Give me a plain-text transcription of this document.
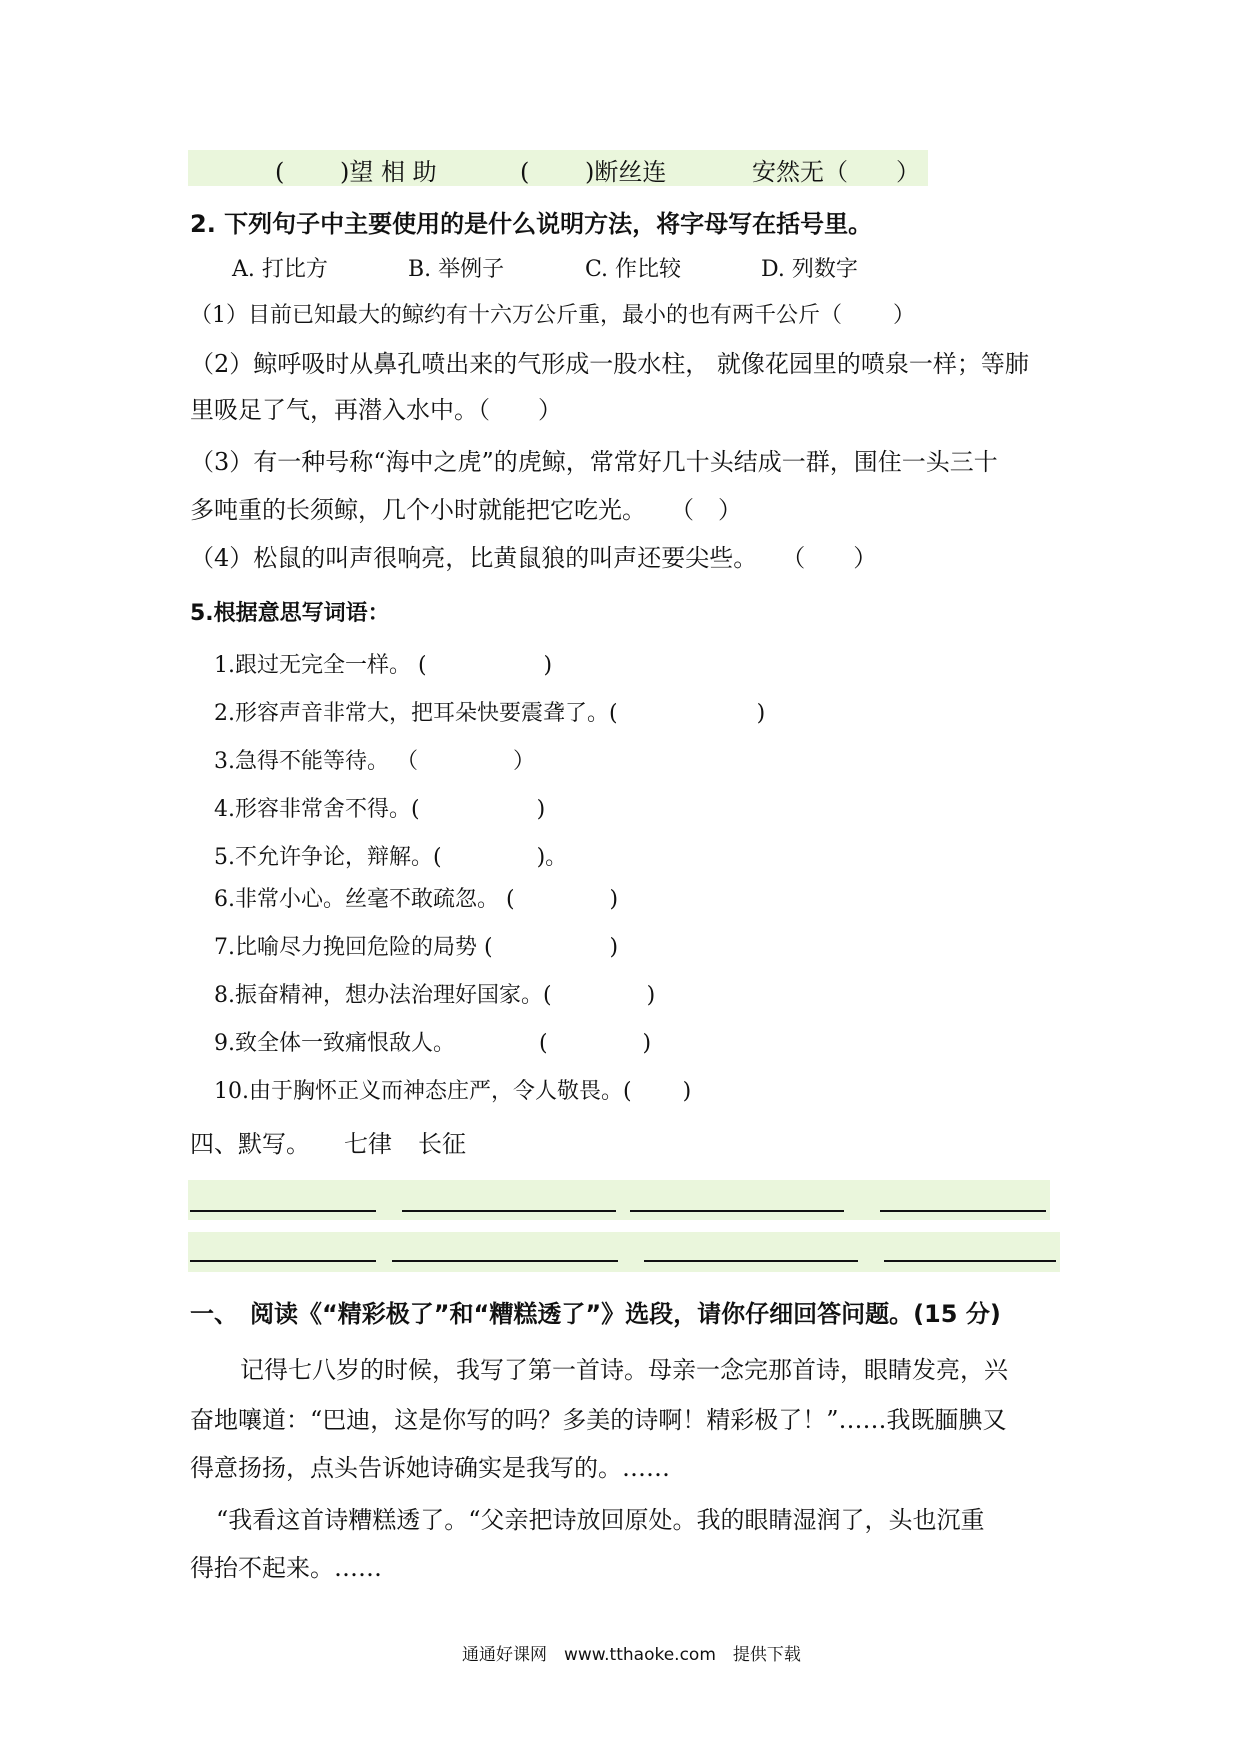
(　　 )望 相 助	(　　 )断丝连	安然无（　　）
2. 下列句子中主要使用的是什么说明方法，将字母写在括号里。
A. 打比方	B. 举例子	C. 作比较	D. 列数字
（1）目前已知最大的鲸约有十六万公斤重，最小的也有两千公斤（　　 ）
（2）鲸呼吸时从鼻孔喷出来的气形成一股水柱， 就像花园里的喷泉一样；等肺
里吸足了气，再潜入水中。（　　）
（3）有一种号称“海中之虎”的虎鲸，常常好几十头结成一群，围住一头三十
多吨重的长须鲸，几个小时就能把它吃光。　　（　）
（4）松鼠的叫声很响亮，比黄鼠狼的叫声还要尖些。　　（　　）
5.根据意思写词语：
1.跟过无完全一样。 (　　　　　 )
2.形容声音非常大，把耳朵快要震聋了。(　　　　　　 )
3.急得不能等待。 （　　　　 ）
4.形容非常舍不得。(　　　　　 )
5.不允许争论，辩解。(　　　　 )。
6.非常小心。丝毫不敢疏忽。 (　　　　 )
7.比喻尽力挽回危险的局势 (　　　　　 )
8.振奋精神，想办法治理好国家。(　　　　 )
9.致全体一致痛恨敌人。　　　　 (　　　　 )
10.由于胸怀正义而神态庄严，令人敬畏。(　　 )
四、默写。 七律 长征
一、　阅读《“精彩极了”和“糟糕透了”》选段，请你仔细回答问题。(15 分)
记得七八岁的时候，我写了第一首诗。母亲一念完那首诗，眼睛发亮，兴
奋地嚷道：“巴迪，这是你写的吗？多美的诗啊！精彩极了！”……我既腼腆又
得意扬扬，点头告诉她诗确实是我写的。……
“我看这首诗糟糕透了。“父亲把诗放回原处。我的眼睛湿润了，头也沉重
得抬不起来。……
通通好课网　www.tthaoke.com　提供下载
